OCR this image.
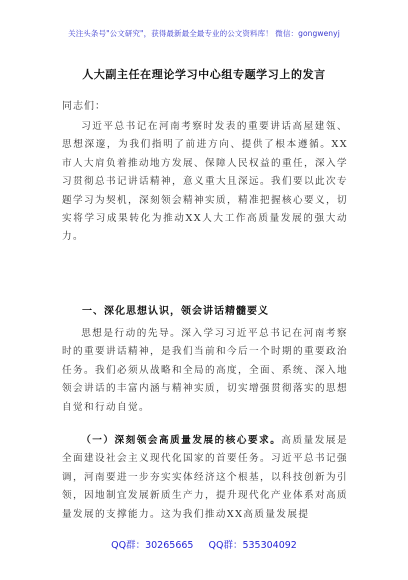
关注头条号"公文研究"，获得最新最全最专业的公文资料库！ 微信：gongwenyj
人大副主任在理论学习中心组专题学习上的发言
同志们：
习近平总书记在河南考察时发表的重要讲话高屋建瓴、思想深邃，为我们指明了前进方向、提供了根本遵循。XX市人大肩负着推动地方发展、保障人民权益的重任，深入学习贯彻总书记讲话精神，意义重大且深远。我们要以此次专题学习为契机，深刻领会精神实质，精准把握核心要义，切实将学习成果转化为推动XX人大工作高质量发展的强大动力。
一、深化思想认识，领会讲话精髓要义
思想是行动的先导。深入学习习近平总书记在河南考察时的重要讲话精神，是我们当前和今后一个时期的重要政治任务。我们必须从战略和全局的高度，全面、系统、深入地领会讲话的丰富内涵与精神实质，切实增强贯彻落实的思想自觉和行动自觉。
（一）深刻领会高质量发展的核心要求。高质量发展是全面建设社会主义现代化国家的首要任务。习近平总书记强调，河南要进一步夯实实体经济这个根基，以科技创新为引领，因地制宜发展新质生产力，提升现代化产业体系对高质量发展的支撑能力。这为我们推动XX高质量发展提
QQ群：30265665 QQ群：535304092
